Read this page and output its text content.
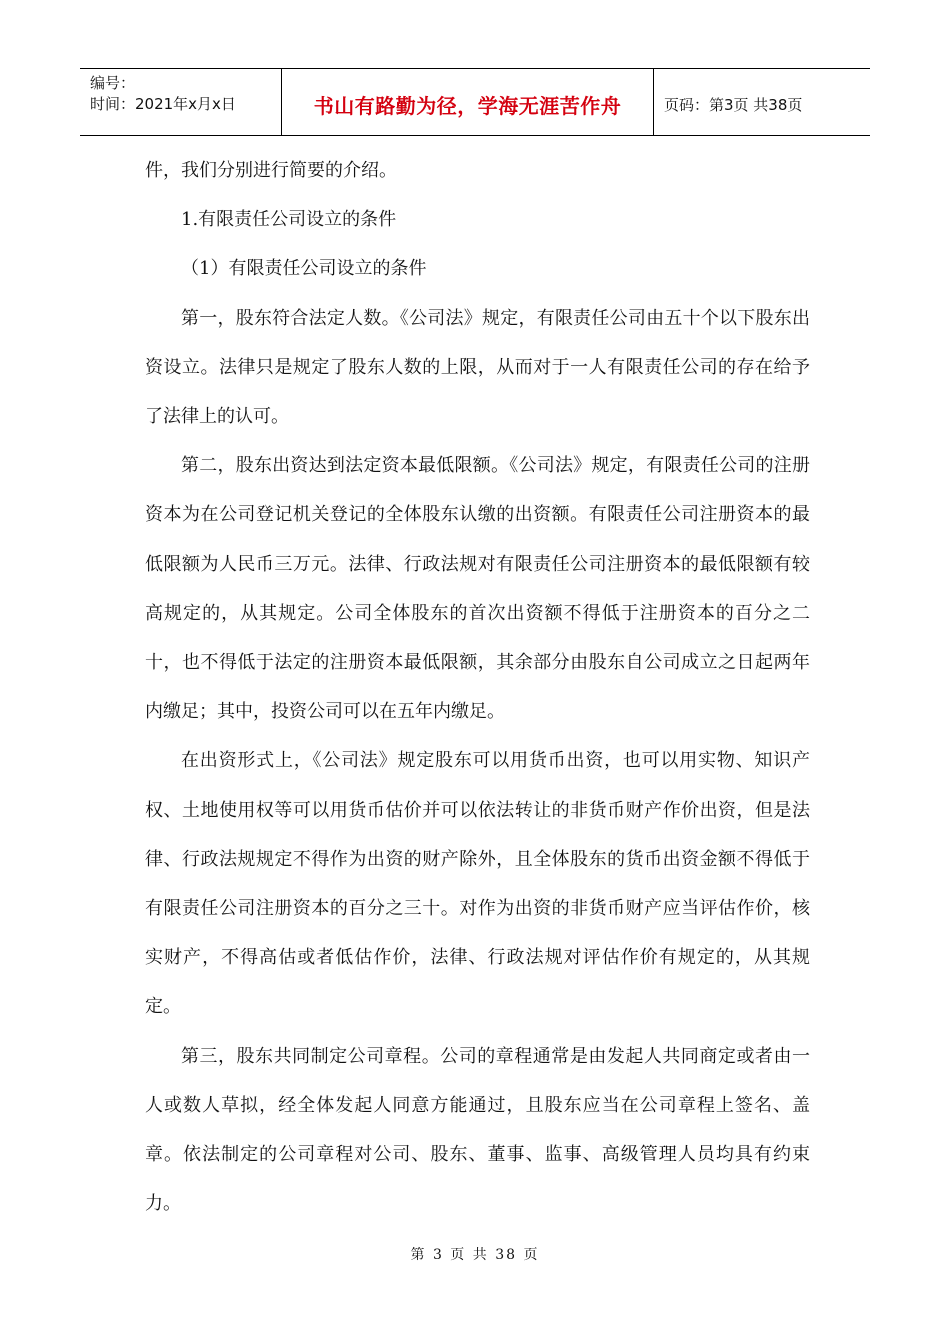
编号：
时间：2021年x月x日	书山有路勤为径，学海无涯苦作舟	页码：第3页 共38页

件，我们分别进行简要的介绍。

1.有限责任公司设立的条件

（1）有限责任公司设立的条件

第一，股东符合法定人数。《公司法》规定，有限责任公司由五十个以下股东出资设立。法律只是规定了股东人数的上限，从而对于一人有限责任公司的存在给予了法律上的认可。

第二，股东出资达到法定资本最低限额。《公司法》规定，有限责任公司的注册资本为在公司登记机关登记的全体股东认缴的出资额。有限责任公司注册资本的最低限额为人民币三万元。法律、行政法规对有限责任公司注册资本的最低限额有较高规定的，从其规定。公司全体股东的首次出资额不得低于注册资本的百分之二十，也不得低于法定的注册资本最低限额，其余部分由股东自公司成立之日起两年内缴足；其中，投资公司可以在五年内缴足。

在出资形式上，《公司法》规定股东可以用货币出资，也可以用实物、知识产权、土地使用权等可以用货币估价并可以依法转让的非货币财产作价出资，但是法律、行政法规规定不得作为出资的财产除外，且全体股东的货币出资金额不得低于有限责任公司注册资本的百分之三十。对作为出资的非货币财产应当评估作价，核实财产，不得高估或者低估作价，法律、行政法规对评估作价有规定的，从其规定。

第三，股东共同制定公司章程。公司的章程通常是由发起人共同商定或者由一人或数人草拟，经全体发起人同意方能通过，且股东应当在公司章程上签名、盖章。依法制定的公司章程对公司、股东、董事、监事、高级管理人员均具有约束力。

第 3 页 共 38 页
